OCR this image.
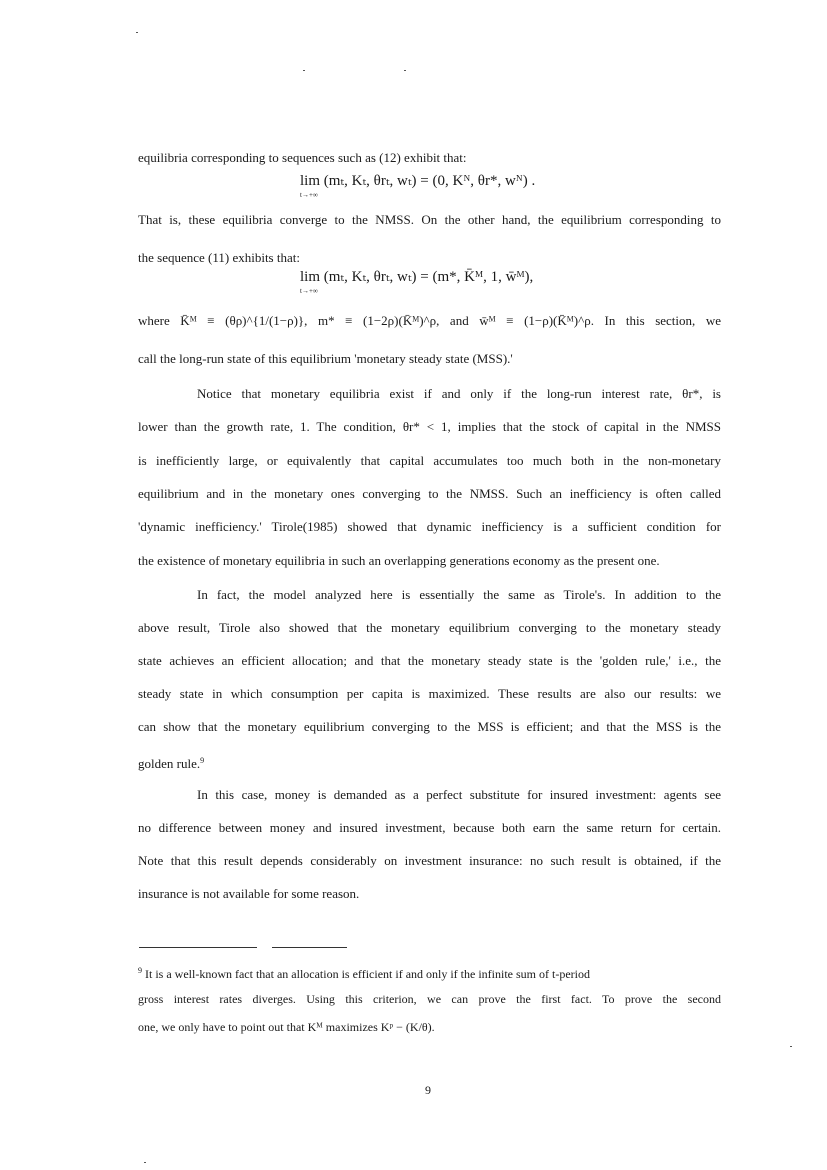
equilibria corresponding to sequences such as (12) exhibit that:
lim (mₜ, Kₜ, θrₜ, wₜ) = (0, Kᴺ, θr*, wᴺ) .
t→+∞
That is, these equilibria converge to the NMSS. On the other hand, the equilibrium corresponding to
the sequence (11) exhibits that:
lim (mₜ, Kₜ, θrₜ, wₜ) = (m*, K̄ᴹ, 1, w̄ᴹ),
t→+∞
where K̄ᴹ ≡ (θρ)^{1/(1−ρ)}, m* ≡ (1−2ρ)(K̄ᴹ)^ρ, and w̄ᴹ ≡ (1−ρ)(K̄ᴹ)^ρ. In this section, we
call the long-run state of this equilibrium 'monetary steady state (MSS).'
Notice that monetary equilibria exist if and only if the long-run interest rate, θr*, is
lower than the growth rate, 1. The condition, θr* < 1, implies that the stock of capital in the NMSS
is inefficiently large, or equivalently that capital accumulates too much both in the non-monetary
equilibrium and in the monetary ones converging to the NMSS. Such an inefficiency is often called
'dynamic inefficiency.' Tirole(1985) showed that dynamic inefficiency is a sufficient condition for
the existence of monetary equilibria in such an overlapping generations economy as the present one.
In fact, the model analyzed here is essentially the same as Tirole's. In addition to the
above result, Tirole also showed that the monetary equilibrium converging to the monetary steady
state achieves an efficient allocation; and that the monetary steady state is the 'golden rule,' i.e., the
steady state in which consumption per capita is maximized. These results are also our results: we
can show that the monetary equilibrium converging to the MSS is efficient; and that the MSS is the
golden rule.$^9$
In this case, money is demanded as a perfect substitute for insured investment: agents see
no difference between money and insured investment, because both earn the same return for certain.
Note that this result depends considerably on investment insurance: no such result is obtained, if the
insurance is not available for some reason.
$^9$ It is a well-known fact that an allocation is efficient if and only if the infinite sum of t-period
gross interest rates diverges. Using this criterion, we can prove the first fact. To prove the second
one, we only have to point out that Kᴹ maximizes Kᵖ − (K/θ).
9
